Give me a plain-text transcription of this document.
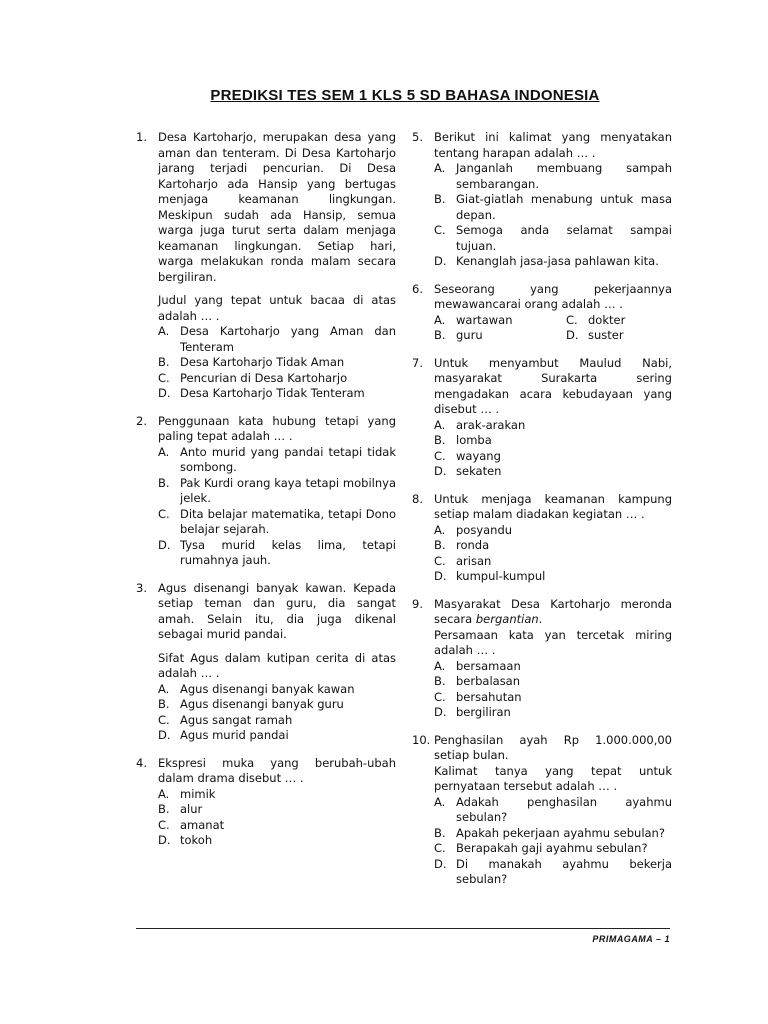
PREDIKSI TES SEM 1 KLS 5 SD BAHASA INDONESIA
1. Desa Kartoharjo, merupakan desa yang aman dan tenteram. Di Desa Kartoharjo jarang terjadi pencurian. Di Desa Kartoharjo ada Hansip yang bertugas menjaga keamanan lingkungan. Meskipun sudah ada Hansip, semua warga juga turut serta dalam menjaga keamanan lingkungan. Setiap hari, warga melakukan ronda malam secara bergiliran.
Judul yang tepat untuk bacaa di atas adalah … .
A. Desa Kartoharjo yang Aman dan Tenteram
B. Desa Kartoharjo Tidak Aman
C. Pencurian di Desa Kartoharjo
D. Desa Kartoharjo Tidak Tenteram
2. Penggunaan kata hubung tetapi yang paling tepat adalah … .
A. Anto murid yang pandai tetapi tidak sombong.
B. Pak Kurdi orang kaya tetapi mobilnya jelek.
C. Dita belajar matematika, tetapi Dono belajar sejarah.
D. Tysa murid kelas lima, tetapi rumahnya jauh.
3. Agus disenangi banyak kawan. Kepada setiap teman dan guru, dia sangat amah. Selain itu, dia juga dikenal sebagai murid pandai.
Sifat Agus dalam kutipan cerita di atas adalah … .
A. Agus disenangi banyak kawan
B. Agus disenangi banyak guru
C. Agus sangat ramah
D. Agus murid pandai
4. Ekspresi muka yang berubah-ubah dalam drama disebut … .
A. mimik
B. alur
C. amanat
D. tokoh
5. Berikut ini kalimat yang menyatakan tentang harapan adalah … .
A. Janganlah membuang sampah sembarangan.
B. Giat-giatlah menabung untuk masa depan.
C. Semoga anda selamat sampai tujuan.
D. Kenanglah jasa-jasa pahlawan kita.
6. Seseorang yang pekerjaannya mewawancarai orang adalah … .
A. wartawan	C. dokter
B. guru	D. suster
7. Untuk menyambut Maulud Nabi, masyarakat Surakarta sering mengadakan acara kebudayaan yang disebut … .
A. arak-arakan
B. lomba
C. wayang
D. sekaten
8. Untuk menjaga keamanan kampung setiap malam diadakan kegiatan … .
A. posyandu
B. ronda
C. arisan
D. kumpul-kumpul
9. Masyarakat Desa Kartoharjo meronda secara bergantian.
Persamaan kata yan tercetak miring adalah … .
A. bersamaan
B. berbalasan
C. bersahutan
D. bergiliran
10. Penghasilan ayah Rp 1.000.000,00 setiap bulan.
Kalimat tanya yang tepat untuk pernyataan tersebut adalah … .
A. Adakah penghasilan ayahmu sebulan?
B. Apakah pekerjaan ayahmu sebulan?
C. Berapakah gaji ayahmu sebulan?
D. Di manakah ayahmu bekerja sebulan?
PRIMAGAMA – 1
